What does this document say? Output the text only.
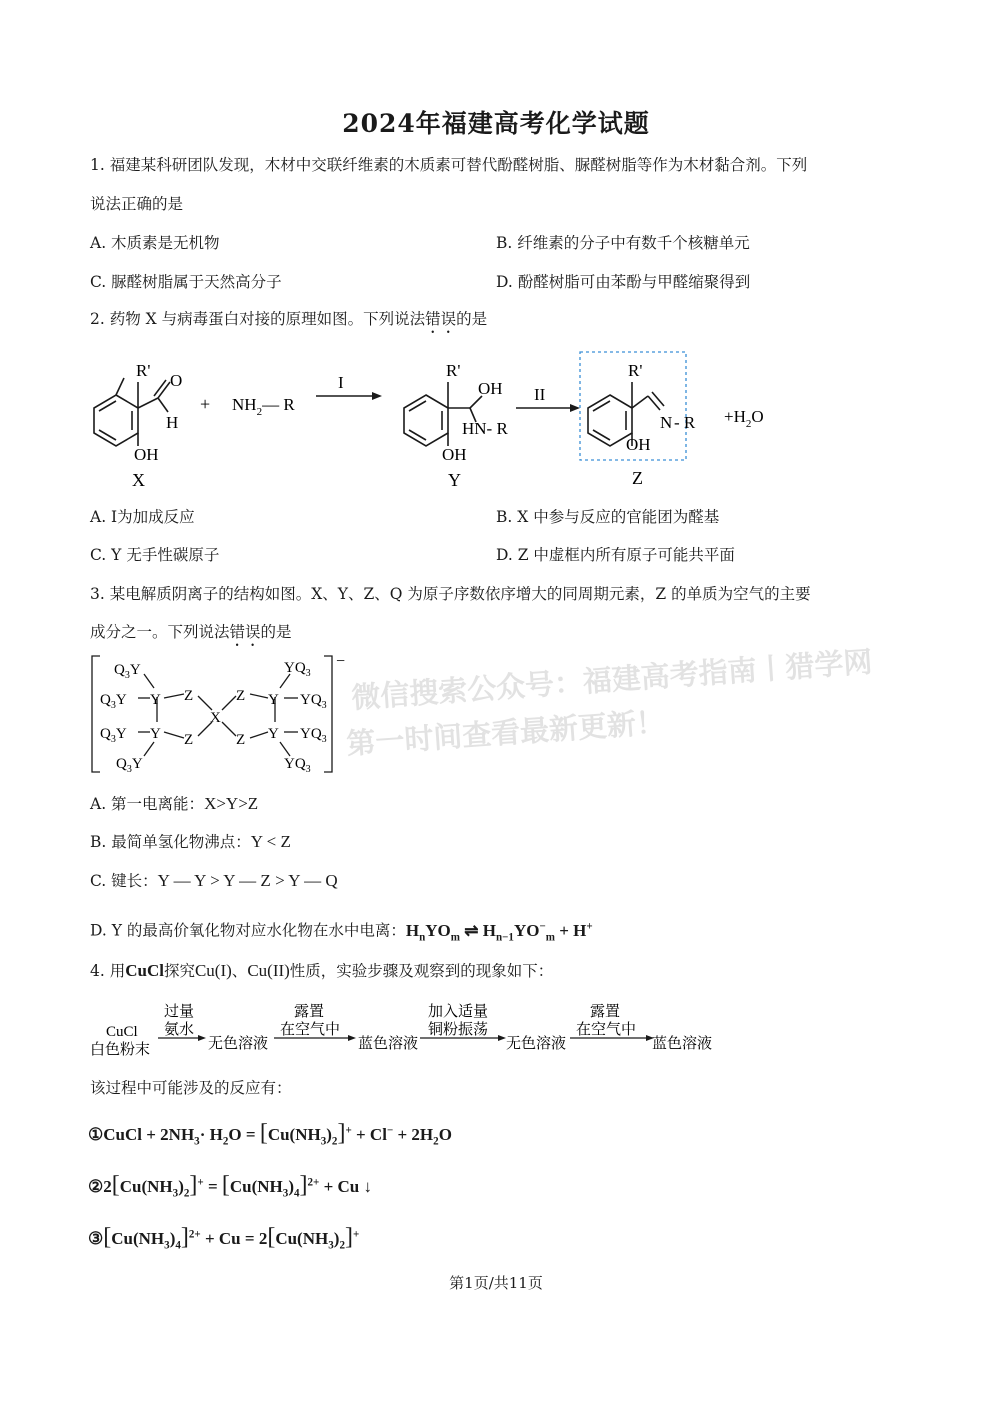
2024年福建高考化学试题
微信搜索公众号：福建高考指南丨猎学网
第一时间查看最新更新！
1. 福建某科研团队发现，木材中交联纤维素的木质素可替代酚醛树脂、脲醛树脂等作为木材黏合剂。下列
说法正确的是
A. 木质素是无机物	B. 纤维素的分子中有数千个核糖单元
C. 脲醛树脂属于天然高分子	D. 酚醛树脂可由苯酚与甲醛缩聚得到
2. 药物 X 与病毒蛋白对接的原理如图。下列说法错误的是
R'
O
H
OH
X
+ $NH_2—$ R
I
R'
OH
HN- R
OH
Y
II
R'
N - R
OH
Z
$+H_2O$
A. I为加成反应	B. X 中参与反应的官能团为醛基
C. Y 无手性碳原子	D. Z 中虚框内所有原子可能共平面
3. 某电解质阴离子的结构如图。X、Y、Z、Q 为原子序数依序增大的同周期元素，Z 的单质为空气的主要
成分之一。下列说法错误的是
$Q_3Y$
$Q_3Y$ Y Z
$Q_3Y$ Y Z
$Q_3Y$
X
Z
Z
Y
Y
$YQ_3$
$YQ_3$
$YQ_3$
$YQ_3$
−
A. 第一电离能：X>Y>Z
B. 最简单氢化物沸点：Y < Z
C. 键长：Y — Y > Y — Z > Y — Q
D. Y 的最高价氧化物对应水化物在水中电离：$H_nYO_m$ ⇌ $H_{n-1}YO^-_m + H^+$
4. 用CuCl探究Cu(I)、Cu(II)性质，实验步骤及观察到的现象如下：
CuCl
白色粉末
过量
氨水
无色溶液
露置
在空气中
蓝色溶液
加入适量
铜粉振荡
无色溶液
露置
在空气中
蓝色溶液
该过程中可能涉及的反应有：
①CuCl + $2NH_3\cdot H_2O = [Cu(NH_3)_2]^+ + Cl^- + 2H_2O$
$②2[Cu(NH_3)_2]^+ = [Cu(NH_3)_4]^{2+} + Cu$ ↓
$③[Cu(NH_3)_4]^{2+} + Cu = 2[Cu(NH_3)_2]^+$
第1页/共11页
